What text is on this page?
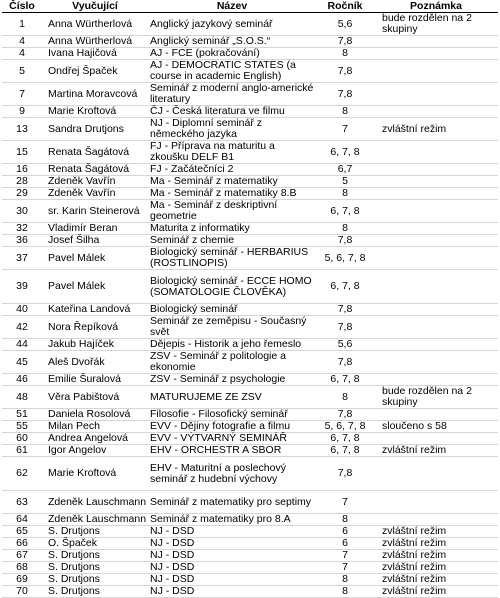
Číslo	Vyučující	Název	Ročník	Poznámka
1	Anna Würtherlová	Anglický jazykový seminář	5,6	bude rozdělen na 2 skupiny
4	Anna Würtherlová	Anglický seminář „S.O.S.“	7,8	
4	Ivana Hajičová	AJ - FCE (pokračování)	8	
5	Ondřej Špaček	AJ - DEMOCRATIC STATES (a course in academic English)	7,8	
7	Martina Moravcová	Seminář z moderní anglo-americké literatury	7,8	
9	Marie Kroftová	ČJ - Česká literatura ve filmu	8	
13	Sandra Drutjons	NJ - Diplomní seminář z německého jazyka	7	zvláštní režim
15	Renata Šagátová	FJ - Příprava na maturitu a zkoušku DELF B1	6, 7, 8	
16	Renata Šagátová	FJ - Začátečníci 2	6,7	
28	Zdeněk Vavřín	Ma - Seminář z matematiky	5	
29	Zdeněk Vavřín	Ma - Seminář z matematiky 8.B	8	
30	sr. Karin Steinerová	Ma - Seminář z deskriptivní geometrie	6, 7, 8	
32	Vladimír Beran	Maturita z informatiky	8	
36	Josef Šilha	Seminář z chemie	7,8	
37	Pavel Málek	Biologický seminář - HERBARIUS (ROSTLINOPIS)	5, 6, 7, 8	
39	Pavel Málek	Biologický seminář - ECCE HOMO (SOMATOLOGIE ČLOVĚKA)	6, 7, 8	
40	Kateřina Landová	Biologický seminář	7,8	
42	Nora Řepíková	Seminář ze zeměpisu - Současný svět	7,8	
44	Jakub Hajíček	Dějepis - Historik a jeho řemeslo	5,6	
45	Aleš Dvořák	ZSV - Seminář z politologie a ekonomie	7,8	
46	Emilie Šuralová	ZSV - Seminář z psychologie	6, 7, 8	
48	Věra Pabištová	MATURUJEME ZE ZSV	8	bude rozdělen na 2 skupiny
51	Daniela Rosolová	Filosofie - Filosofický seminář	7,8	
55	Milan Pech	EVV - Dějiny fotografie a filmu	5, 6, 7, 8	sloučeno s 58
60	Andrea Angelová	EVV - VÝTVARNÝ SEMINÁŘ	6, 7, 8	
61	Igor Angelov	EHV - ORCHESTR A SBOR	6, 7, 8	zvláštní režim
62	Marie Kroftová	EHV - Maturitní a poslechový seminář z hudební výchovy	7,8	
63	Zdeněk Lauschmann	Seminář z matematiky pro septimy	7	
64	Zdeněk Lauschmann	Seminář z matematiky pro 8.A	8	
65	S. Drutjons	NJ - DSD	6	zvláštní režim
66	O. Špaček	NJ - DSD	6	zvláštní režim
67	S. Drutjons	NJ - DSD	7	zvláštní režim
68	S. Drutjons	NJ - DSD	7	zvláštní režim
69	S. Drutjons	NJ - DSD	8	zvláštní režim
70	S. Drutjons	NJ - DSD	8	zvláštní režim
